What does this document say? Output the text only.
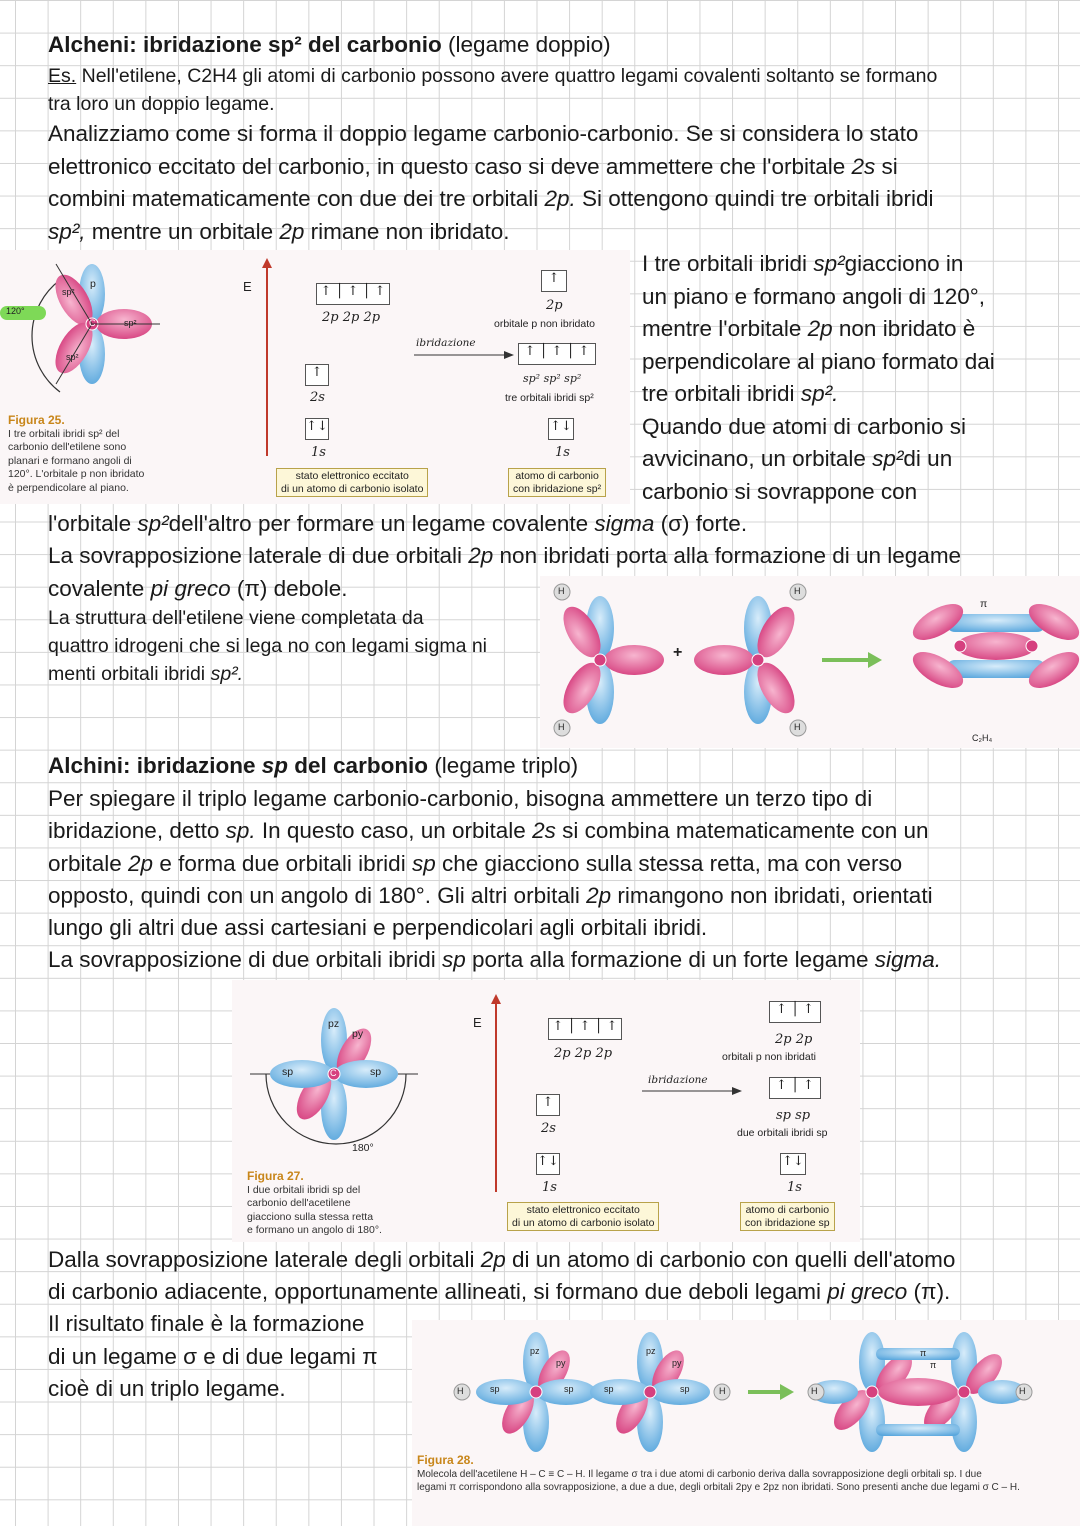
Alcheni: ibridazione sp² del carbonio (legame doppio)
Es. Nell'etilene, C2H4 gli atomi di carbonio possono avere quattro legami covalenti soltanto se formano
tra loro un doppio legame.
Analizziamo come si forma il doppio legame carbonio-carbonio. Se si considera lo stato
elettronico eccitato del carbonio, in questo caso si deve ammettere che l'orbitale 2s si
combini matematicamente con due dei tre orbitali 2p. Si ottengono quindi tre orbitali ibridi
sp², mentre un orbitale 2p rimane non ibridato.
I tre orbitali ibridi sp²giacciono in
un piano e formano angoli di 120°,
mentre l'orbitale 2p non ibridato è
perpendicolare al piano formato dai
tre orbitali ibridi sp².
Quando due atomi di carbonio si
avvicinano, un orbitale sp²di un
carbonio si sovrappone con
120°
p
sp²
sp²
sp²
C
Figura 25.
I tre orbitali ibridi sp² del
carbonio dell'etilene sono
planari e formano angoli di
120°. L'orbitale p non ibridato
è perpendicolare al piano.
E	↑ │ ↑ │ ↑
2p 2p 2p
↑
2s
↑↓
1s
stato elettronico eccitato
di un atomo di carbonio isolato
ibridazione
↑
2p
orbitale p non ibridato
↑ │ ↑ │ ↑
sp² sp² sp²
tre orbitali ibridi sp²
↑↓
1s
atomo di carbonio
con ibridazione sp²
l'orbitale sp²dell'altro per formare un legame covalente sigma (σ) forte.
La sovrapposizione laterale di due orbitali 2p non ibridati porta alla formazione di un legame
covalente pi greco (π) debole.
La struttura dell'etilene viene completata da
quattro idrogeni che si lega no con legami sigma ni
menti orbitali ibridi sp².
H
H
H
H
+
π
C₂H₄
Alchini: ibridazione sp del carbonio (legame triplo)
Per spiegare il triplo legame carbonio-carbonio, bisogna ammettere un terzo tipo di
ibridazione, detto sp. In questo caso, un orbitale 2s si combina matematicamente con un
orbitale 2p e forma due orbitali ibridi sp che giacciono sulla stessa retta, ma con verso
opposto, quindi con un angolo di 180°. Gli altri orbitali 2p rimangono non ibridati, orientati
lungo gli altri due assi cartesiani e perpendicolari agli orbitali ibridi.
La sovrapposizione di due orbitali ibridi sp porta alla formazione di un forte legame sigma.
pz
py
sp	sp
C
180°
Figura 27.
I due orbitali ibridi sp del
carbonio dell'acetilene
giacciono sulla stessa retta
e formano un angolo di 180°.
E	↑ │ ↑ │ ↑
2p 2p 2p
↑
2s
↑↓
1s
stato elettronico eccitato
di un atomo di carbonio isolato
ibridazione
↑ │ ↑
2p 2p
orbitali p non ibridati
↑ │ ↑
sp sp
due orbitali ibridi sp
↑↓
1s
atomo di carbonio
con ibridazione sp
Dalla sovrapposizione laterale degli orbitali 2p di un atomo di carbonio con quelli dell'atomo
di carbonio adiacente, opportunamente allineati, si formano due deboli legami pi greco (π).
Il risultato finale è la formazione
di un legame σ e di due legami π
cioè di un triplo legame.	H	H	H	H
sp	sp	sp	sp
pz
py
pz
py
π
π
Figura 28.
Molecola dell'acetilene H – C ≡ C – H. Il legame σ tra i due atomi di carbonio deriva dalla sovrapposizione degli orbitali sp. I due
legami π corrispondono alla sovrapposizione, a due a due, degli orbitali 2py e 2pz non ibridati. Sono presenti anche due legami σ C – H.
